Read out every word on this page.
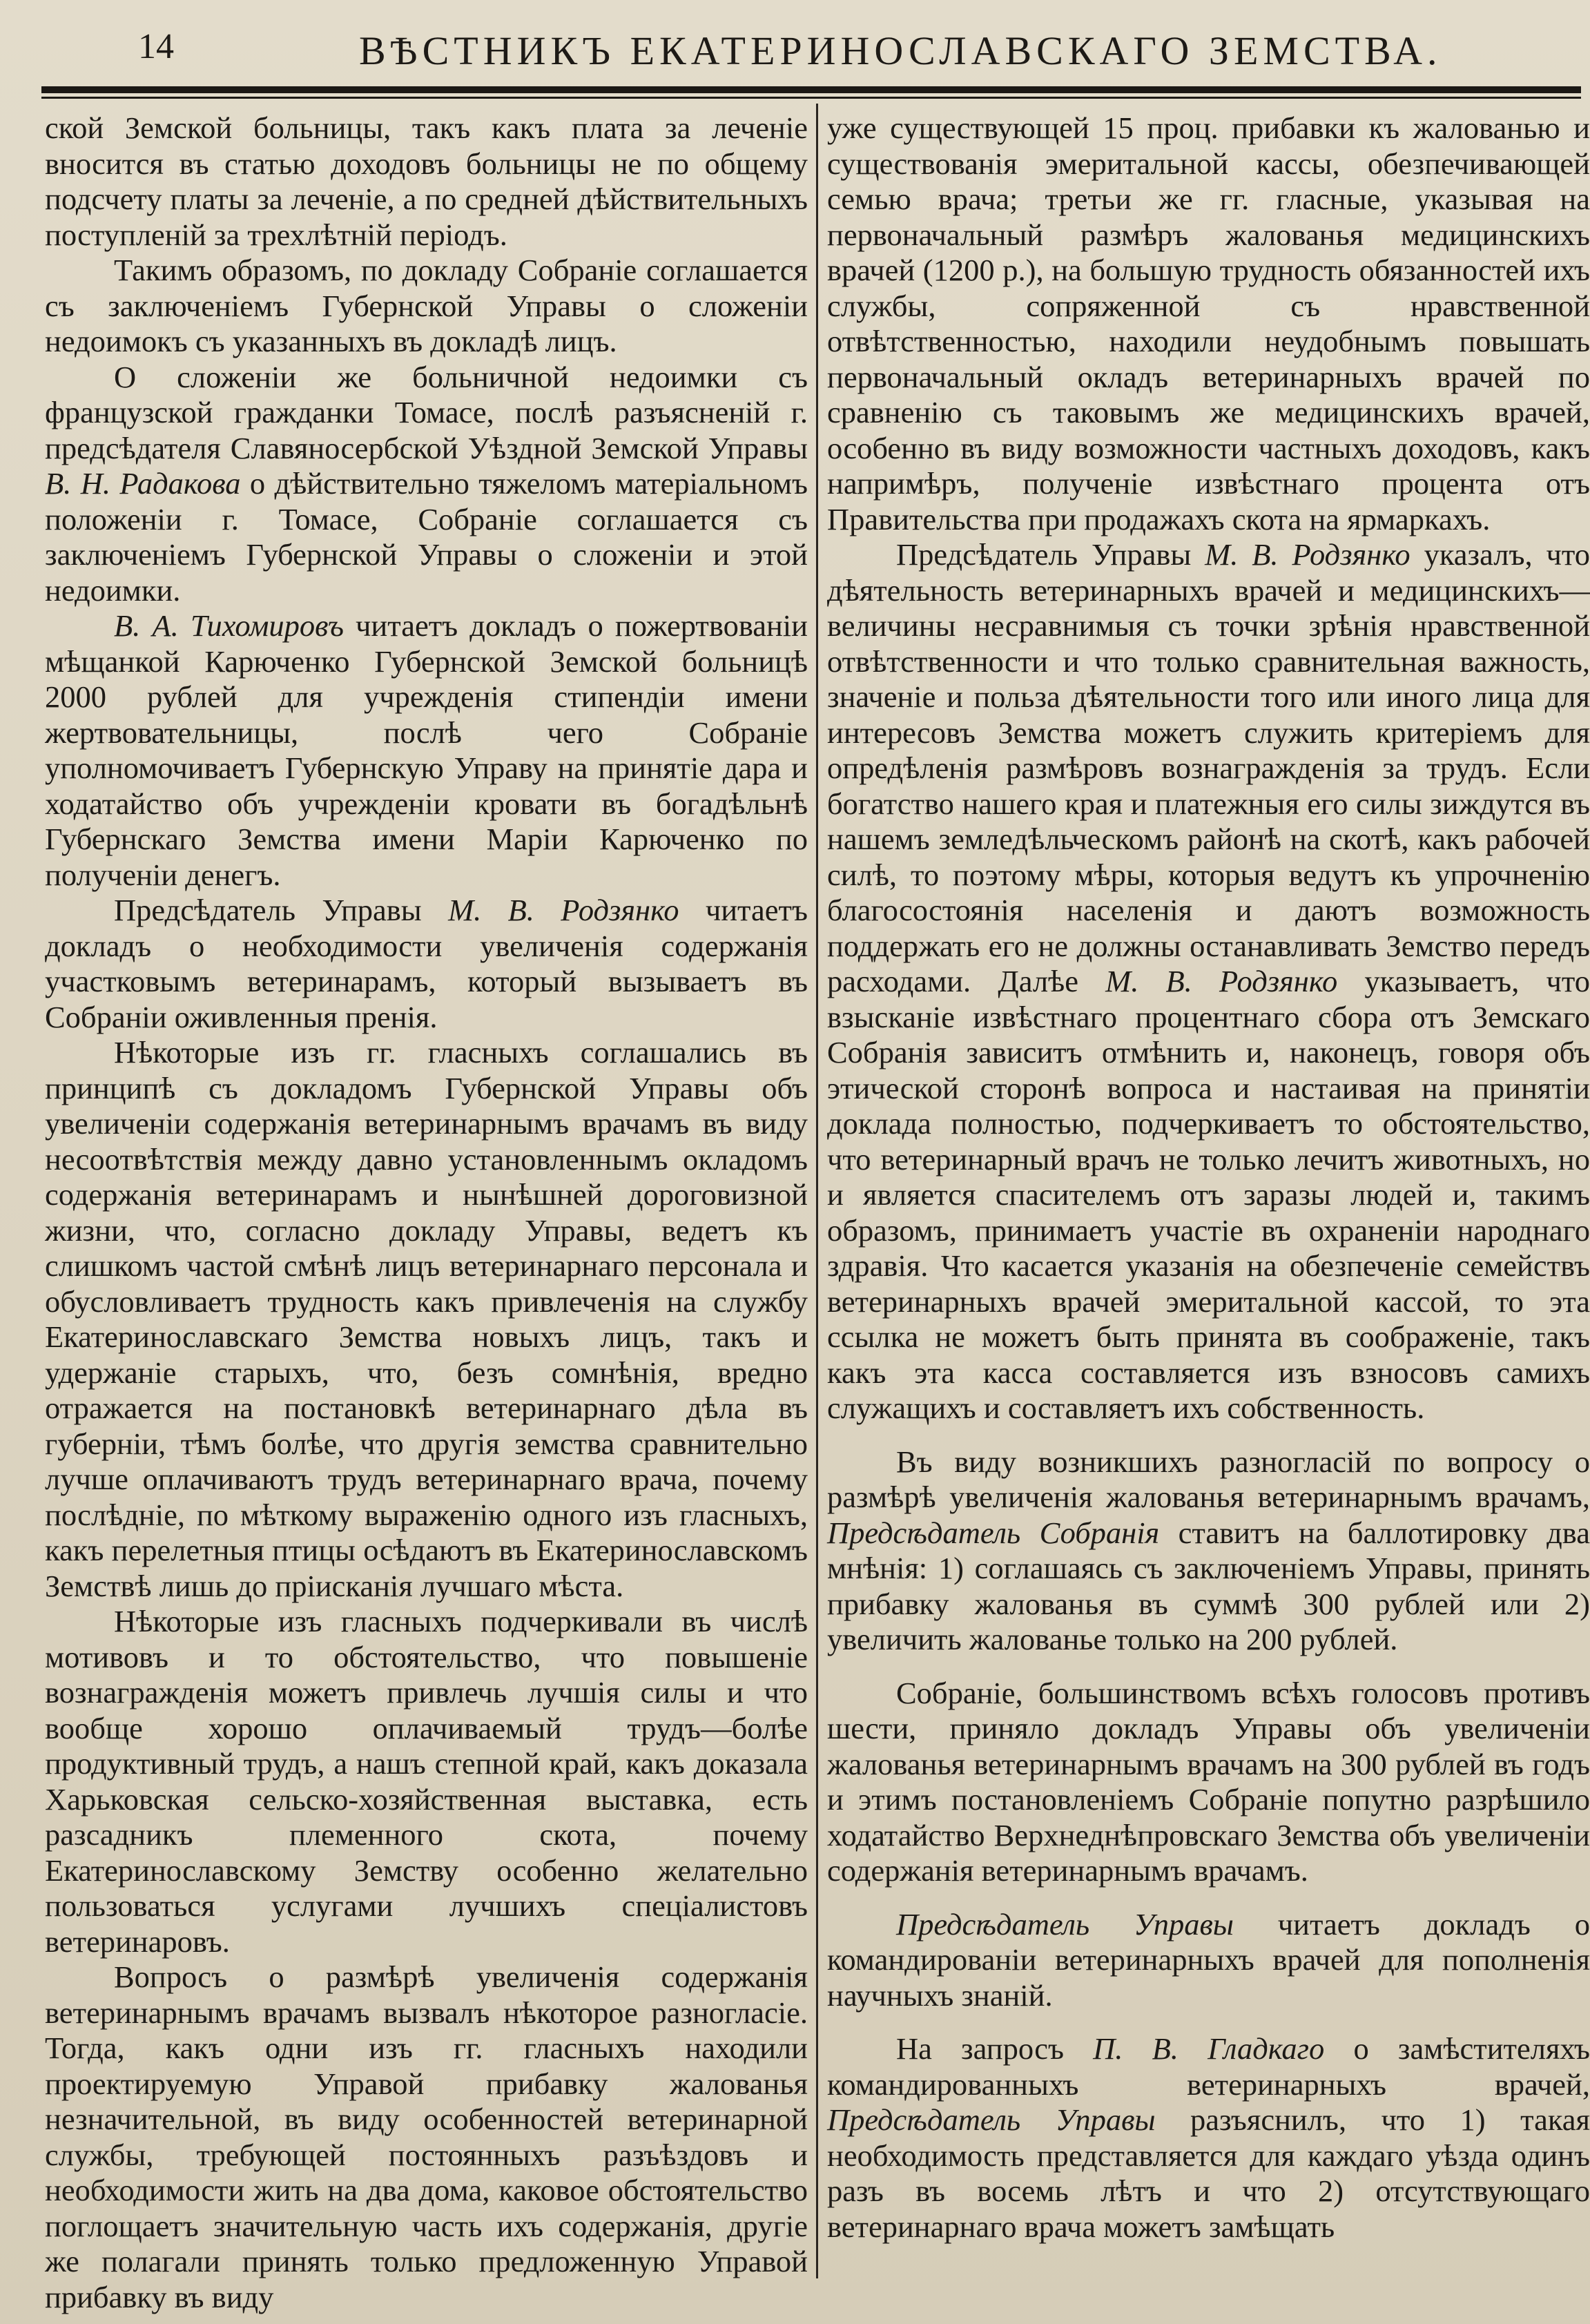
14	ВѢСТНИКЪ ЕКАТЕРИНОСЛАВСКАГО ЗЕМСТВА.

ской Земской больницы, такъ какъ плата за леченіе вносится въ статью доходовъ больницы не по общему подсчету платы за леченіе, а по средней дѣйствительныхъ поступленій за трехлѣтній періодъ.

Такимъ образомъ, по докладу Собраніе соглашается съ заключеніемъ Губернской Управы о сложеніи недоимокъ съ указанныхъ въ докладѣ лицъ.

О сложеніи же больничной недоимки съ французской гражданки Томасе, послѣ разъясненій г. предсѣдателя Славяносербской Уѣздной Земской Управы В. Н. Радакова о дѣйствительно тяжеломъ матеріальномъ положеніи г. Томасе, Собраніе соглашается съ заключеніемъ Губернской Управы о сложеніи и этой недоимки.

В. А. Тихомировъ читаетъ докладъ о пожертвованіи мѣщанкой Карюченко Губернской Земской больницѣ 2000 рублей для учрежденія стипендіи имени жертвовательницы, послѣ чего Собраніе уполномочиваетъ Губернскую Управу на принятіе дара и ходатайство объ учрежденіи кровати въ богадѣльнѣ Губернскаго Земства имени Маріи Карюченко по полученіи денегъ.

Предсѣдатель Управы М. В. Родзянко читаетъ докладъ о необходимости увеличенія содержанія участковымъ ветеринарамъ, который вызываетъ въ Собраніи оживленныя пренія.

Нѣкоторые изъ гг. гласныхъ соглашались въ принципѣ съ докладомъ Губернской Управы объ увеличеніи содержанія ветеринарнымъ врачамъ въ виду несоотвѣтствія между давно установленнымъ окладомъ содержанія ветеринарамъ и нынѣшней дороговизной жизни, что, согласно докладу Управы, ведетъ къ слишкомъ частой смѣнѣ лицъ ветеринарнаго персонала и обусловливаетъ трудность какъ привлеченія на службу Екатеринославскаго Земства новыхъ лицъ, такъ и удержаніе старыхъ, что, безъ сомнѣнія, вредно отражается на постановкѣ ветеринарнаго дѣла въ губерніи, тѣмъ болѣе, что другія земства сравнительно лучше оплачиваютъ трудъ ветеринарнаго врача, почему послѣдніе, по мѣткому выраженію одного изъ гласныхъ, какъ перелетныя птицы осѣдаютъ въ Екатеринославскомъ Земствѣ лишь до пріисканія лучшаго мѣста.

Нѣкоторые изъ гласныхъ подчеркивали въ числѣ мотивовъ и то обстоятельство, что повышеніе вознагражденія можетъ привлечь лучшія силы и что вообще хорошо оплачиваемый трудъ—болѣе продуктивный трудъ, а нашъ степной край, какъ доказала Харьковская сельско-хозяйственная выставка, есть разсадникъ племенного скота, почему Екатеринославскому Земству особенно желательно пользоваться услугами лучшихъ спеціалистовъ ветеринаровъ.

Вопросъ о размѣрѣ увеличенія содержанія ветеринарнымъ врачамъ вызвалъ нѣкоторое разногласіе. Тогда, какъ одни изъ гг. гласныхъ находили проектируемую Управой прибавку жалованья незначительной, въ виду особенностей ветеринарной службы, требующей постоянныхъ разъѣздовъ и необходимости жить на два дома, каковое обстоятельство поглощаетъ значительную часть ихъ содержанія, другіе же полагали принять только предложенную Управой прибавку въ виду

уже существующей 15 проц. прибавки къ жалованью и существованія эмеритальной кассы, обезпечивающей семью врача; третьи же гг. гласные, указывая на первоначальный размѣръ жалованья медицинскихъ врачей (1200 р.), на большую трудность обязанностей ихъ службы, сопряженной съ нравственной отвѣтственностью, находили неудобнымъ повышать первоначальный окладъ ветеринарныхъ врачей по сравненію съ таковымъ же медицинскихъ врачей, особенно въ виду возможности частныхъ доходовъ, какъ напримѣръ, полученіе извѣстнаго процента отъ Правительства при продажахъ скота на ярмаркахъ.

Предсѣдатель Управы М. В. Родзянко указалъ, что дѣятельность ветеринарныхъ врачей и медицинскихъ—величины несравнимыя съ точки зрѣнія нравственной отвѣтственности и что только сравнительная важность, значеніе и польза дѣятельности того или иного лица для интересовъ Земства можетъ служить критеріемъ для опредѣленія размѣровъ вознагражденія за трудъ. Если богатство нашего края и платежныя его силы зиждутся въ нашемъ земледѣльческомъ районѣ на скотѣ, какъ рабочей силѣ, то поэтому мѣры, которыя ведутъ къ упрочненію благосостоянія населенія и даютъ возможность поддержать его не должны останавливать Земство передъ расходами. Далѣе М. В. Родзянко указываетъ, что взысканіе извѣстнаго процентнаго сбора отъ Земскаго Собранія зависитъ отмѣнить и, наконецъ, говоря объ этической сторонѣ вопроса и настаивая на принятіи доклада полностью, подчеркиваетъ то обстоятельство, что ветеринарный врачъ не только лечитъ животныхъ, но и является спасителемъ отъ заразы людей и, такимъ образомъ, принимаетъ участіе въ охраненіи народнаго здравія. Что касается указанія на обезпеченіе семействъ ветеринарныхъ врачей эмеритальной кассой, то эта ссылка не можетъ быть принята въ соображеніе, такъ какъ эта касса составляется изъ взносовъ самихъ служащихъ и составляетъ ихъ собственность.

Въ виду возникшихъ разногласій по вопросу о размѣрѣ увеличенія жалованья ветеринарнымъ врачамъ, Предсѣдатель Собранія ставитъ на баллотировку два мнѣнія: 1) соглашаясь съ заключеніемъ Управы, принять прибавку жалованья въ суммѣ 300 рублей или 2) увеличить жалованье только на 200 рублей.

Собраніе, большинствомъ всѣхъ голосовъ противъ шести, приняло докладъ Управы объ увеличеніи жалованья ветеринарнымъ врачамъ на 300 рублей въ годъ и этимъ постановленіемъ Собраніе попутно разрѣшило ходатайство Верхнеднѣпровскаго Земства объ увеличеніи содержанія ветеринарнымъ врачамъ.

Предсѣдатель Управы читаетъ докладъ о командированіи ветеринарныхъ врачей для пополненія научныхъ знаній.

На запросъ П. В. Гладкаго о замѣстителяхъ командированныхъ ветеринарныхъ врачей, Предсѣдатель Управы разъяснилъ, что 1) такая необходимость представляется для каждаго уѣзда одинъ разъ въ восемь лѣтъ и что 2) отсутствующаго ветеринарнаго врача можетъ замѣщать
